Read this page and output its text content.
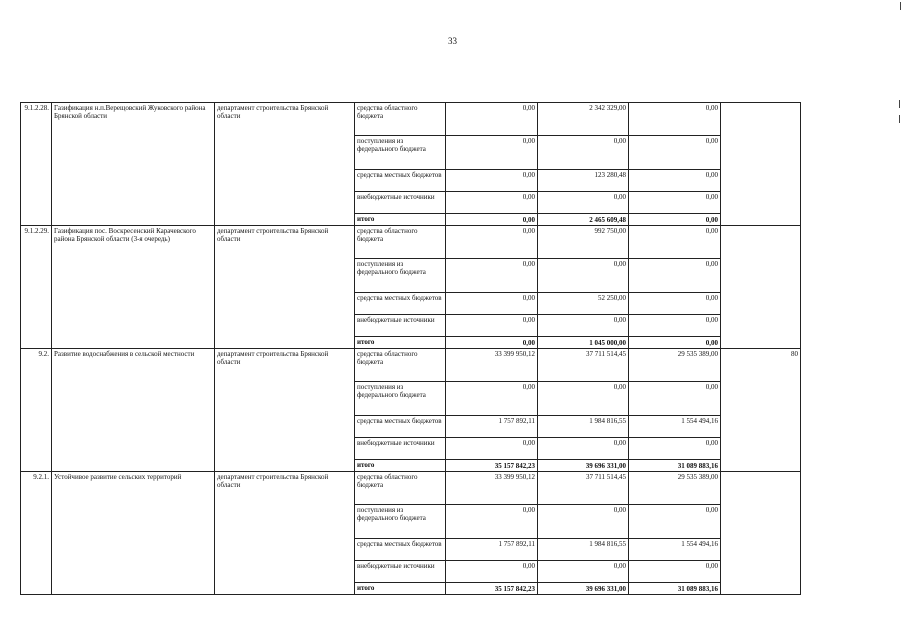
33
9.1.2.28.	Газификация н.п.Верещовский Жуковского района Брянской области	департамент строительства Брянской области	средства областного бюджета	0,00	2 342 329,00	0,00	
			поступления из федерального бюджета	0,00	0,00	0,00	
			средства местных бюджетов	0,00	123 280,48	0,00	
			внебюджетные источники	0,00	0,00	0,00	
			итого	0,00	2 465 609,48	0,00	
9.1.2.29.	Газификация пос. Воскресенский Карачевского района Брянской области (3-я очередь)	департамент строительства Брянской области	средства областного бюджета	0,00	992 750,00	0,00	
			поступления из федерального бюджета	0,00	0,00	0,00	
			средства местных бюджетов	0,00	52 250,00	0,00	
			внебюджетные источники	0,00	0,00	0,00	
			итого	0,00	1 045 000,00	0,00	
9.2.	Развитие водоснабжения в сельской местности	департамент строительства Брянской области	средства областного бюджета	33 399 950,12	37 711 514,45	29 535 389,00	80
			поступления из федерального бюджета	0,00	0,00	0,00	
			средства местных бюджетов	1 757 892,11	1 984 816,55	1 554 494,16	
			внебюджетные источники	0,00	0,00	0,00	
			итого	35 157 842,23	39 696 331,00	31 089 883,16	
9.2.1.	Устойчивое развитие сельских территорий	департамент строительства Брянской области	средства областного бюджета	33 399 950,12	37 711 514,45	29 535 389,00	
			поступления из федерального бюджета	0,00	0,00	0,00	
			средства местных бюджетов	1 757 892,11	1 984 816,55	1 554 494,16	
			внебюджетные источники	0,00	0,00	0,00	
			итого	35 157 842,23	39 696 331,00	31 089 883,16	
